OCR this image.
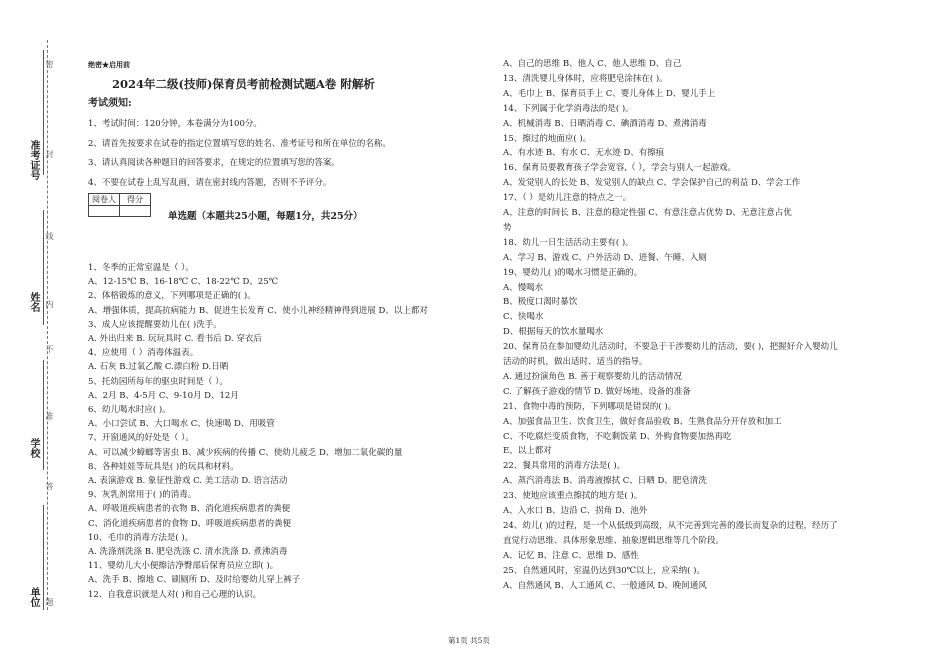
准考证号
姓名
学校
单位
密
封
线
内
不
准
答
题
绝密★启用前
2024年二级(技师)保育员考前检测试题A卷 附解析
考试须知:
1、考试时间：120分钟，本卷满分为100分。
2、请首先按要求在试卷的指定位置填写您的姓名、准考证号和所在单位的名称。
3、请认真阅读各种题目的回答要求，在规定的位置填写您的答案。
4、不要在试卷上乱写乱画，请在密封线内答题，否则不予评分。
阅卷人	得分

单选题（本题共25小题，每题1分，共25分）
1、冬季的正常室温是（ ）。
A、12-15℃ B、16-18℃ C、18-22℃ D、25℃
2、体格锻炼的意义，下列哪项是正确的( )。
A、增强体质，提高抗病能力 B、促进生长发育 C、使小儿神经精神得到进展 D、以上都对
3、成人应该提醒要幼儿在( )洗手。
A. 外出归来 B. 玩玩具时 C. 看书后 D. 穿衣后
4、应使用（ ）消毒体温表。
A. 石灰 B.过氧乙酸 C.漂白粉 D.日晒
5、托幼园所每年的驱虫时间是（ ）。
A、2月 B、4-5月 C、9-10月 D、12月
6、幼儿喝水时应( )。
A、小口尝试 B、大口喝水 C、快速喝 D、用吸管
7、开窗通风的好处是（ ）。
A、可以减少蟑螂等害虫 B、减少疾病的传播 C、使幼儿疲乏 D、增加二氧化碳的量
8、各种娃娃等玩具是( )的玩具和材料。
A. 表演游戏 B. 象征性游戏 C. 美工活动 D. 语言活动
9、灰乳剂常用于( )的消毒。
A、呼吸道疾病患者的衣物 B、消化道疾病患者的粪便
C、消化道疾病患者的食物 D、呼吸道疾病患者的粪便
10、毛巾的消毒方法是( )。
A. 洗涤剂洗涤 B. 肥皂洗涤 C. 清水洗涤 D. 煮沸消毒
11、婴幼儿大小便擦洁净臀部后保育员应立即( )。
A、洗手 B、擦地 C、刷厕所 D、及时给婴幼儿穿上裤子
12、自我意识就是人对( )和自己心理的认识。
A、自己的思维 B、他人 C、他人思维 D、自己
13、清洗婴儿身体时，应将肥皂涂抹在( )。
A、毛巾上 B、保育员手上 C、婴儿身体上 D、婴儿手上
14、下列属于化学消毒法的是( )。
A、机械消毒 B、日晒消毒 C、碘酒消毒 D、煮沸消毒
15、擦过的地面应( )。
A、有水迹 B、有水 C、无水迹 D、有擦痕
16、保育员要教育孩子学会宽容,（ ），学会与别人一起游戏。
A、发觉别人的长处 B、发觉别人的缺点 C、学会保护自己的利益 D、学会工作
17、（ ）是幼儿注意的特点之一。
A、注意的时间长 B、注意的稳定性强 C、有意注意占优势 D、无意注意占优
势
18、幼儿一日生活活动主要有( )。
A、学习 B、游戏 C、户外活动 D、进餐、午睡、入厕
19、婴幼儿( )的喝水习惯是正确的。
A、慢喝水
B、极度口渴时暴饮
C、快喝水
D、根据每天的饮水量喝水
20、保育员在参加婴幼儿活动时，不要急于干涉婴幼儿的活动，要( )，把握好介入婴幼儿
活动的时机，做出适时、适当的指导。
A. 通过扮演角色 B. 善于观察婴幼儿的活动情况
C. 了解孩子游戏的情节 D. 做好场地、设备的准备
21、食物中毒的预防，下列哪项是错误的( )。
A、加强食品卫生、饮食卫生，做好食品验收 B、生熟食品分开存放和加工
C、不吃腐烂变质食物，不吃剩饭菜 D、外购食物要加热再吃
E、以上都对
22、餐具常用的消毒方法是( )。
A、蒸汽消毒法 B、消毒液擦拭 C、日晒 D、肥皂清洗
23、使地应该重点擦拭的地方是( )。
A、入水口 B、边沿 C、拐角 D、池外
24、幼儿( )的过程，是一个从低级到高级，从不完善到完善的漫长而复杂的过程，经历了
直觉行动思维、具体形象思维、抽象逻辑思维等几个阶段。
A、记忆 B、注意 C、思维 D、感性
25、自然通风时，室温仍达到30℃以上，应采纳( )。
A、自然通风 B、人工通风 C、一般通风 D、晚间通风
第1页 共5页
